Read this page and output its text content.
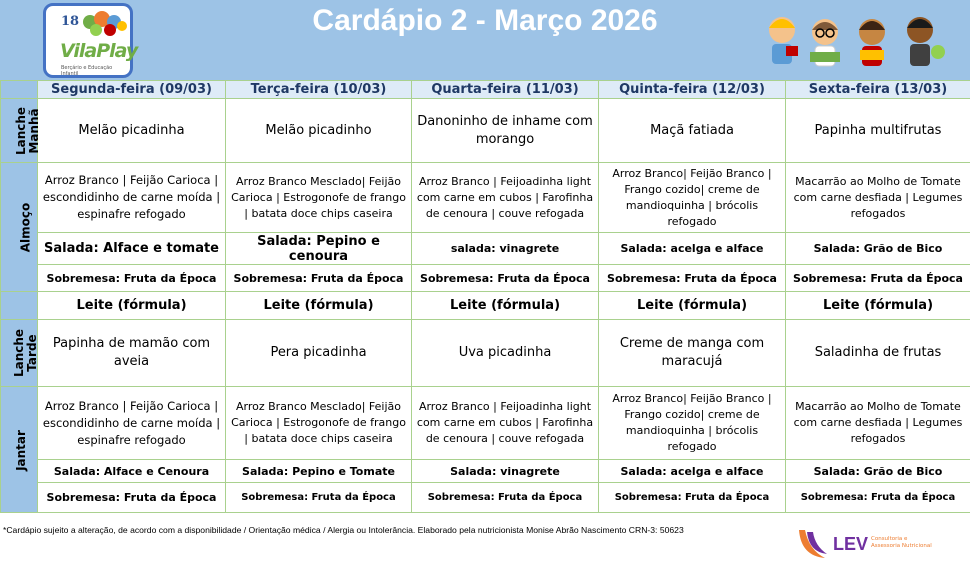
18
VilaPlay
Berçário e Educação Infantil
Cardápio 2 - Março 2026
	Segunda-feira (09/03)	Terça-feira (10/03)	Quarta-feira (11/03)	Quinta-feira (12/03)	Sexta-feira (13/03)
Lanche Manhã	Melão picadinha	Melão picadinho	Danoninho de inhame com morango	Maçã fatiada	Papinha multifrutas
Almoço	Arroz Branco | Feijão Carioca | escondidinho de carne moída | espinafre refogado	Arroz Branco Mesclado| Feijão Carioca | Estrogonofe de frango | batata doce chips caseira	Arroz Branco | Feijoadinha light com carne em cubos | Farofinha de cenoura | couve refogada	Arroz Branco| Feijão Branco | Frango cozido| creme de mandioquinha | brócolis refogado	Macarrão ao Molho de Tomate com carne desfiada | Legumes refogados
	Salada: Alface e tomate	Salada: Pepino e cenoura	salada: vinagrete	Salada: acelga e alface	Salada: Grão de Bico
	Sobremesa: Fruta da Época	Sobremesa: Fruta da Época	Sobremesa: Fruta da Época	Sobremesa: Fruta da Época	Sobremesa: Fruta da Época
	Leite (fórmula)	Leite (fórmula)	Leite (fórmula)	Leite (fórmula)	Leite (fórmula)
Lanche Tarde	Papinha de mamão com aveia	Pera picadinha	Uva picadinha	Creme de manga com maracujá	Saladinha de frutas
Jantar	Arroz Branco | Feijão Carioca | escondidinho de carne moída | espinafre refogado	Arroz Branco Mesclado| Feijão Carioca | Estrogonofe de frango | batata doce chips caseira	Arroz Branco | Feijoadinha light com carne em cubos | Farofinha de cenoura | couve refogada	Arroz Branco| Feijão Branco | Frango cozido| creme de mandioquinha | brócolis refogado	Macarrão ao Molho de Tomate com carne desfiada | Legumes refogados
	Salada: Alface e Cenoura	Salada: Pepino e Tomate	Salada: vinagrete	Salada: acelga e alface	Salada: Grão de Bico
	Sobremesa: Fruta da Época	Sobremesa: Fruta da Época	Sobremesa: Fruta da Época	Sobremesa: Fruta da Época	Sobremesa: Fruta da Época
*Cardápio sujeito a alteração, de acordo com a disponibilidade / Orientação médica / Alergia ou Intolerância. Elaborado pela nutricionista Monise Abrão Nascimento CRN-3: 50623
LEV Consultoria e
Assessoria Nutricional
